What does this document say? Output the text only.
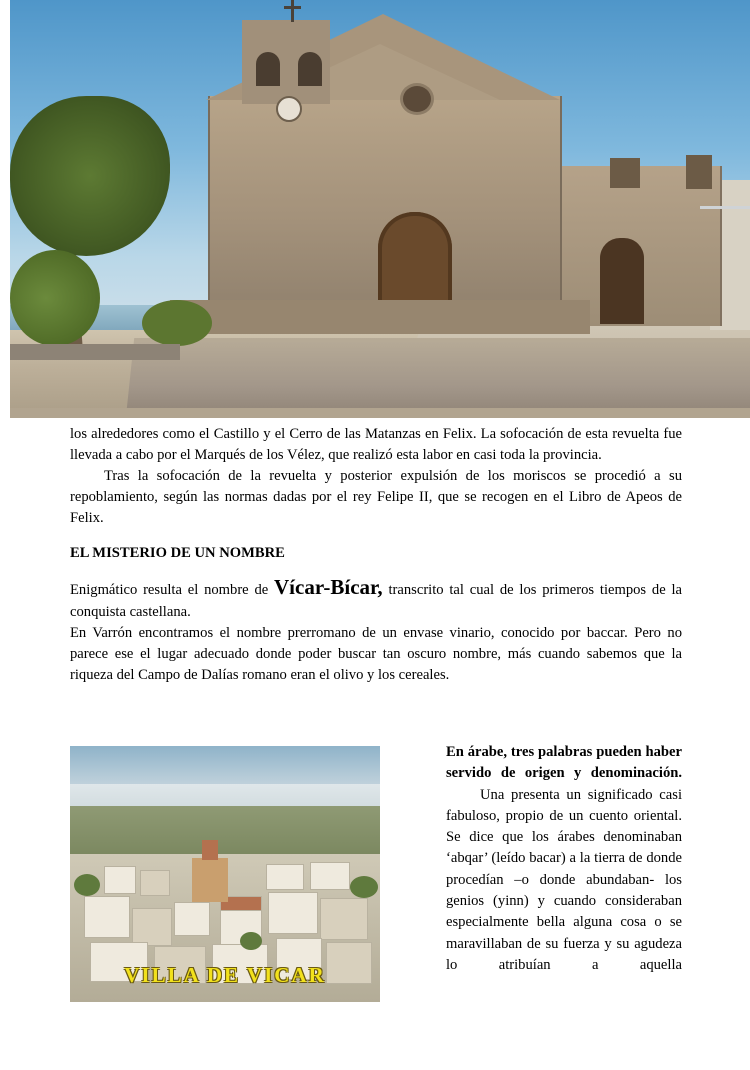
los alrededores como el Castillo y el Cerro de las Matanzas en Felix. La sofocación de esta revuelta fue llevada a cabo por el Marqués de los Vélez, que realizó esta labor en casi toda la provincia.

Tras la sofocación de la revuelta y posterior expulsión de los moriscos se procedió a su repoblamiento, según las normas dadas por el rey Felipe II, que se recogen en el Libro de Apeos de Felix.

EL MISTERIO DE UN NOMBRE

Enigmático resulta el nombre de Vícar-Bícar, transcrito tal cual de los primeros tiempos de la conquista castellana.

En Varrón encontramos el nombre prerromano de un envase vinario, conocido por baccar. Pero no parece ese el lugar adecuado donde poder buscar tan oscuro nombre, más cuando sabemos que la riqueza del Campo de Dalías romano eran el olivo y los cereales.

VILLA DE VICAR

En árabe, tres palabras pueden haber servido de origen y denominación.

Una presenta un significado casi fabuloso, propio de un cuento oriental. Se dice que los árabes denominaban ‘abqar’ (leído bacar) a la tierra de donde procedían –o donde abundaban- los genios (yinn) y cuando consideraban especialmente bella alguna cosa o se maravillaban de su fuerza y su agudeza lo atribuían a aquella
